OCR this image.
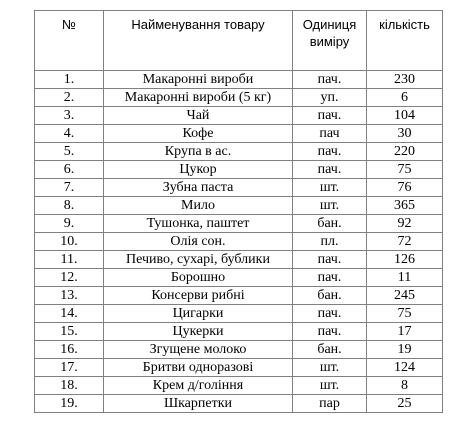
№	Найменування товару	Одиниця виміру	кількість
1.	Макаронні вироби	пач.	230
2.	Макаронні вироби (5 кг)	уп.	6
3.	Чай	пач.	104
4.	Кофе	пач	30
5.	Крупа в ас.	пач.	220
6.	Цукор	пач.	75
7.	Зубна паста	шт.	76
8.	Мило	шт.	365
9.	Тушонка, паштет	бан.	92
10.	Олія сон.	пл.	72
11.	Печиво, сухарі, бублики	пач.	126
12.	Борошно	пач.	11
13.	Консерви рибні	бан.	245
14.	Цигарки	пач.	75
15.	Цукерки	пач.	17
16.	Згущене молоко	бан.	19
17.	Бритви одноразові	шт.	124
18.	Крем д/гоління	шт.	8
19.	Шкарпетки	пар	25
